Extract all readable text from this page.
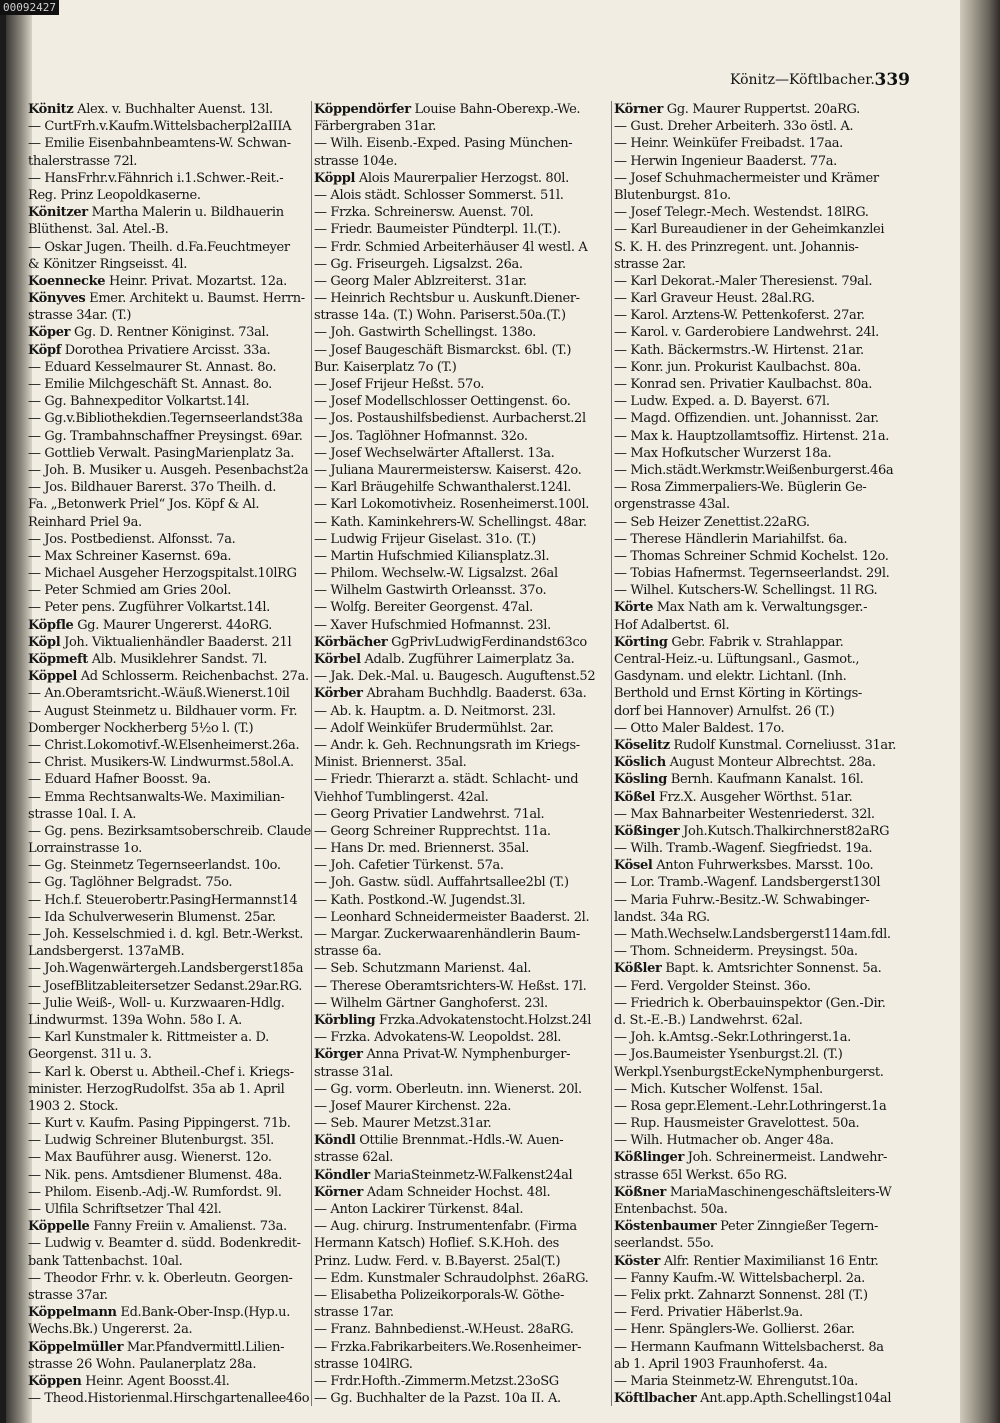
00092427
Könitz—Köftlbacher. 339
Könitz Alex. v. Buchhalter Auenst. 13l.
— CurtFrh.v.Kaufm.Wittelsbacherpl2aIIIA
— Emilie Eisenbahnbeamtens-W. Schwan-
thalerstrasse 72l.
— HansFrhr.v.Fähnrich i.1.Schwer.-Reit.-
Reg. Prinz Leopoldkaserne.
Könitzer Martha Malerin u. Bildhauerin
Blüthenst. 3al. Atel.-B.
— Oskar Jugen. Theilh. d.Fa.Feuchtmeyer
& Könitzer Ringseisst. 4l.
Koennecke Heinr. Privat. Mozartst. 12a.
Könyves Emer. Architekt u. Baumst. Herrn-
strasse 34ar. (T.)
Köper Gg. D. Rentner Königinst. 73al.
Köpf Dorothea Privatiere Arcisst. 33a.
— Eduard Kesselmaurer St. Annast. 8o.
— Emilie Milchgeschäft St. Annast. 8o.
— Gg. Bahnexpeditor Volkartst.14l.
— Gg.v.Bibliothekdien.Tegernseerlandst38a
— Gg. Trambahnschaffner Preysingst. 69ar.
— Gottlieb Verwalt. PasingMarienplatz 3a.
— Joh. B. Musiker u. Ausgeh. Pesenbachst2a
— Jos. Bildhauer Barerst. 37o Theilh. d.
Fa. „Betonwerk Priel“ Jos. Köpf & Al.
Reinhard Priel 9a.
— Jos. Postbedienst. Alfonsst. 7a.
— Max Schreiner Kasernst. 69a.
— Michael Ausgeher Herzogspitalst.10lRG
— Peter Schmied am Gries 20ol.
— Peter pens. Zugführer Volkartst.14l.
Köpfle Gg. Maurer Ungererst. 44oRG.
Köpl Joh. Viktualienhändler Baaderst. 21l
Köpmeft Alb. Musiklehrer Sandst. 7l.
Köppel Ad Schlosserm. Reichenbachst. 27a.
— An.Oberamtsricht.-W.äuß.Wienerst.10il
— August Steinmetz u. Bildhauer vorm. Fr.
Domberger Nockherberg 5½o l. (T.)
— Christ.Lokomotivf.-W.Elsenheimerst.26a.
— Christ. Musikers-W. Lindwurmst.58ol.A.
— Eduard Hafner Boosst. 9a.
— Emma Rechtsanwalts-We. Maximilian-
strasse 10al. I. A.
— Gg. pens. Bezirksamtsoberschreib. Claude
Lorrainstrasse 1o.
— Gg. Steinmetz Tegernseerlandst. 10o.
— Gg. Taglöhner Belgradst. 75o.
— Hch.f. Steuerobertr.PasingHermannst14
— Ida Schulverweserin Blumenst. 25ar.
— Joh. Kesselschmied i. d. kgl. Betr.-Werkst.
Landsbergerst. 137aMB.
— Joh.Wagenwärtergeh.Landsbergerst185a
— JosefBlitzableitersetzer Sedanst.29ar.RG.
— Julie Weiß-, Woll- u. Kurzwaaren-Hdlg.
Lindwurmst. 139a Wohn. 58o I. A.
— Karl Kunstmaler k. Rittmeister a. D.
Georgenst. 31l u. 3.
— Karl k. Oberst u. Abtheil.-Chef i. Kriegs-
minister. HerzogRudolfst. 35a ab 1. April
1903 2. Stock.
— Kurt v. Kaufm. Pasing Pippingerst. 71b.
— Ludwig Schreiner Blutenburgst. 35l.
— Max Bauführer ausg. Wienerst. 12o.
— Nik. pens. Amtsdiener Blumenst. 48a.
— Philom. Eisenb.-Adj.-W. Rumfordst. 9l.
— Ulfila Schriftsetzer Thal 42l.
Köppelle Fanny Freiin v. Amalienst. 73a.
— Ludwig v. Beamter d. südd. Bodenkredit-
bank Tattenbachst. 10al.
— Theodor Frhr. v. k. Oberleutn. Georgen-
strasse 37ar.
Köppelmann Ed.Bank-Ober-Insp.(Hyp.u.
Wechs.Bk.) Ungererst. 2a.
Köppelmüller Mar.Pfandvermittl.Lilien-
strasse 26 Wohn. Paulanerplatz 28a.
Köppen Heinr. Agent Boosst.4l.
— Theod.Historienmal.Hirschgartenallee46o
Köppendörfer Louise Bahn-Oberexp.-We.
Färbergraben 31ar.
— Wilh. Eisenb.-Exped. Pasing München-
strasse 104e.
Köppl Alois Maurerpalier Herzogst. 80l.
— Alois städt. Schlosser Sommerst. 51l.
— Frzka. Schreinersw. Auenst. 70l.
— Friedr. Baumeister Pündterpl. 1l.(T.).
— Frdr. Schmied Arbeiterhäuser 4l westl. A
— Gg. Friseurgeh. Ligsalzst. 26a.
— Georg Maler Ablzreiterst. 31ar.
— Heinrich Rechtsbur u. Auskunft.Diener-
strasse 14a. (T.) Wohn. Pariserst.50a.(T.)
— Joh. Gastwirth Schellingst. 138o.
— Josef Baugeschäft Bismarckst. 6bl. (T.)
Bur. Kaiserplatz 7o (T.)
— Josef Frijeur Heßst. 57o.
— Josef Modellschlosser Oettingenst. 6o.
— Jos. Postaushilfsbedienst. Aurbacherst.2l
— Jos. Taglöhner Hofmannst. 32o.
— Josef Wechselwärter Aftallerst. 13a.
— Juliana Maurermeistersw. Kaiserst. 42o.
— Karl Bräugehilfe Schwanthalerst.124l.
— Karl Lokomotivheiz. Rosenheimerst.100l.
— Kath. Kaminkehrers-W. Schellingst. 48ar.
— Ludwig Frijeur Giselast. 31o. (T.)
— Martin Hufschmied Kiliansplatz.3l.
— Philom. Wechselw.-W. Ligsalzst. 26al
— Wilhelm Gastwirth Orleansst. 37o.
— Wolfg. Bereiter Georgenst. 47al.
— Xaver Hufschmied Hofmannst. 23l.
Körbächer GgPrivLudwigFerdinandst63co
Körbel Adalb. Zugführer Laimerplatz 3a.
— Jak. Dek.-Mal. u. Baugesch. Auguftenst.52
Körber Abraham Buchhdlg. Baaderst. 63a.
— Ab. k. Hauptm. a. D. Neitmorst. 23l.
— Adolf Weinküfer Brudermühlst. 2ar.
— Andr. k. Geh. Rechnungsrath im Kriegs-
Minist. Briennerst. 35al.
— Friedr. Thierarzt a. städt. Schlacht- und
Viehhof Tumblingerst. 42al.
— Georg Privatier Landwehrst. 71al.
— Georg Schreiner Rupprechtst. 11a.
— Hans Dr. med. Briennerst. 35al.
— Joh. Cafetier Türkenst. 57a.
— Joh. Gastw. südl. Auffahrtsallee2bl (T.)
— Kath. Postkond.-W. Jugendst.3l.
— Leonhard Schneidermeister Baaderst. 2l.
— Margar. Zuckerwaarenhändlerin Baum-
strasse 6a.
— Seb. Schutzmann Marienst. 4al.
— Therese Oberamtsrichters-W. Heßst. 17l.
— Wilhelm Gärtner Ganghoferst. 23l.
Körbling Frzka.Advokatenstocht.Holzst.24l
— Frzka. Advokatens-W. Leopoldst. 28l.
Körger Anna Privat-W. Nymphenburger-
strasse 31al.
— Gg. vorm. Oberleutn. inn. Wienerst. 20l.
— Josef Maurer Kirchenst. 22a.
— Seb. Maurer Metzst.31ar.
Köndl Ottilie Brennmat.-Hdls.-W. Auen-
strasse 62al.
Köndler MariaSteinmetz-W.Falkenst24al
Körner Adam Schneider Hochst. 48l.
— Anton Lackirer Türkenst. 84al.
— Aug. chirurg. Instrumentenfabr. (Firma
Hermann Katsch) Hoflief. S.K.Hoh. des
Prinz. Ludw. Ferd. v. B.Bayerst. 25al(T.)
— Edm. Kunstmaler Schraudolphst. 26aRG.
— Elisabetha Polizeikorporals-W. Göthe-
strasse 17ar.
— Franz. Bahnbedienst.-W.Heust. 28aRG.
— Frzka.Fabrikarbeiters.We.Rosenheimer-
strasse 104lRG.
— Frdr.Hofth.-Zimmerm.Metzst.23oSG
— Gg. Buchhalter de la Pazst. 10a II. A.
Körner Gg. Maurer Ruppertst. 20aRG.
— Gust. Dreher Arbeiterh. 33o östl. A.
— Heinr. Weinküfer Freibadst. 17aa.
— Herwin Ingenieur Baaderst. 77a.
— Josef Schuhmachermeister und Krämer
Blutenburgst. 81o.
— Josef Telegr.-Mech. Westendst. 18lRG.
— Karl Bureaudiener in der Geheimkanzlei
S. K. H. des Prinzregent. unt. Johannis-
strasse 2ar.
— Karl Dekorat.-Maler Theresienst. 79al.
— Karl Graveur Heust. 28al.RG.
— Karol. Arztens-W. Pettenkoferst. 27ar.
— Karol. v. Garderobiere Landwehrst. 24l.
— Kath. Bäckermstrs.-W. Hirtenst. 21ar.
— Konr. jun. Prokurist Kaulbachst. 80a.
— Konrad sen. Privatier Kaulbachst. 80a.
— Ludw. Exped. a. D. Bayerst. 67l.
— Magd. Offizendien. unt. Johannisst. 2ar.
— Max k. Hauptzollamtsoffiz. Hirtenst. 21a.
— Max Hofkutscher Wurzerst 18a.
— Mich.städt.Werkmstr.Weißenburgerst.46a
— Rosa Zimmerpaliers-We. Büglerin Ge-
orgenstrasse 43al.
— Seb Heizer Zenettist.22aRG.
— Therese Händlerin Mariahilfst. 6a.
— Thomas Schreiner Schmid Kochelst. 12o.
— Tobias Hafnermst. Tegernseerlandst. 29l.
— Wilhel. Kutschers-W. Schellingst. 1l RG.
Körte Max Nath am k. Verwaltungsger.-
Hof Adalbertst. 6l.
Körting Gebr. Fabrik v. Strahlappar.
Central-Heiz.-u. Lüftungsanl., Gasmot.,
Gasdynam. und elektr. Lichtanl. (Inh.
Berthold und Ernst Körting in Körtings-
dorf bei Hannover) Arnulfst. 26 (T.)
— Otto Maler Baldest. 17o.
Köselitz Rudolf Kunstmal. Corneliusst. 31ar.
Köslich August Monteur Albrechtst. 28a.
Kösling Bernh. Kaufmann Kanalst. 16l.
Kößel Frz.X. Ausgeher Wörthst. 51ar.
— Max Bahnarbeiter Westenriederst. 32l.
Kößinger Joh.Kutsch.Thalkirchnerst82aRG
— Wilh. Tramb.-Wagenf. Siegfriedst. 19a.
Kösel Anton Fuhrwerksbes. Marsst. 10o.
— Lor. Tramb.-Wagenf. Landsbergerst130l
— Maria Fuhrw.-Besitz.-W. Schwabinger-
landst. 34a RG.
— Math.Wechselw.Landsbergerst114am.fdl.
— Thom. Schneiderm. Preysingst. 50a.
Kößler Bapt. k. Amtsrichter Sonnenst. 5a.
— Ferd. Vergolder Steinst. 36o.
— Friedrich k. Oberbauinspektor (Gen.-Dir.
d. St.-E.-B.) Landwehrst. 62al.
— Joh. k.Amtsg.-Sekr.Lothringerst.1a.
— Jos.Baumeister Ysenburgst.2l. (T.)
Werkpl.YsenburgstEckeNymphenburgerst.
— Mich. Kutscher Wolfenst. 15al.
— Rosa gepr.Element.-Lehr.Lothringerst.1a
— Rup. Hausmeister Gravelottest. 50a.
— Wilh. Hutmacher ob. Anger 48a.
Kößlinger Joh. Schreinermeist. Landwehr-
strasse 65l Werkst. 65o RG.
Kößner MariaMaschinengeschäftsleiters-W
Entenbachst. 50a.
Köstenbaumer Peter Zinngießer Tegern-
seerlandst. 55o.
Köster Alfr. Rentier Maximilianst 16 Entr.
— Fanny Kaufm.-W. Wittelsbacherpl. 2a.
— Felix prkt. Zahnarzt Sonnenst. 28l (T.)
— Ferd. Privatier Häberlst.9a.
— Henr. Spänglers-We. Gollierst. 26ar.
— Hermann Kaufmann Wittelsbacherst. 8a
ab 1. April 1903 Fraunhoferst. 4a.
— Maria Steinmetz-W. Ehrengutst.10a.
Köftlbacher Ant.app.Apth.Schellingst104al
